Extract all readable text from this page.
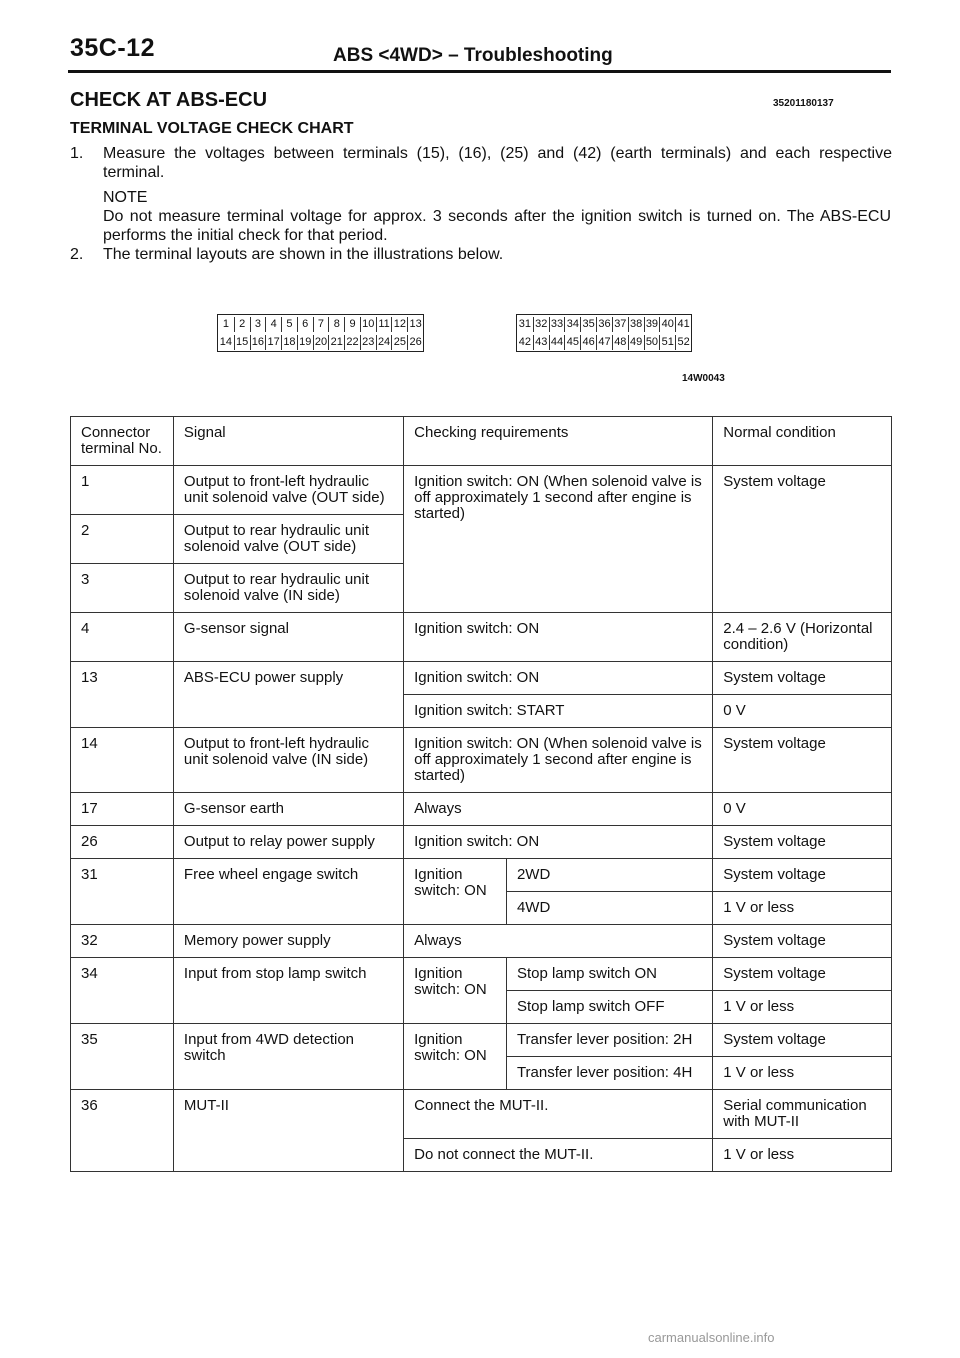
35C-12	ABS <4WD> – Troubleshooting
CHECK AT ABS-ECU	35201180137
TERMINAL VOLTAGE CHECK CHART
1. Measure the voltages between terminals (15), (16), (25) and (42) (earth terminals) and each respective terminal.
NOTE
Do not measure terminal voltage for approx. 3 seconds after the ignition switch is turned on. The ABS-ECU performs the initial check for that period.
2. The terminal layouts are shown in the illustrations below.
1 2 3 4 5 6 7 8 9 10 11 12 13
14 15 16 17 18 19 20 21 22 23 24 25 26
31 32 33 34 35 36 37 38 39 40 41
42 43 44 45 46 47 48 49 50 51 52
14W0043
Connector terminal No.	Signal	Checking requirements		Normal condition
1	Output to front-left hydraulic unit solenoid valve (OUT side)	Ignition switch: ON (When solenoid valve is off approximately 1 second after engine is started)		System voltage
2	Output to rear hydraulic unit solenoid valve (OUT side)			
3	Output to rear hydraulic unit solenoid valve (IN side)			
4	G-sensor signal	Ignition switch: ON		2.4 – 2.6 V (Horizontal condition)
13	ABS-ECU power supply	Ignition switch: ON		System voltage
		Ignition switch: START		0 V
14	Output to front-left hydraulic unit solenoid valve (IN side)	Ignition switch: ON (When solenoid valve is off approximately 1 second after engine is started)		System voltage
17	G-sensor earth	Always		0 V
26	Output to relay power supply	Ignition switch: ON		System voltage
31	Free wheel engage switch	Ignition switch: ON	2WD	System voltage
			4WD	1 V or less
32	Memory power supply	Always		System voltage
34	Input from stop lamp switch	Ignition switch: ON	Stop lamp switch ON	System voltage
			Stop lamp switch OFF	1 V or less
35	Input from 4WD detection switch	Ignition switch: ON	Transfer lever position: 2H	System voltage
			Transfer lever position: 4H	1 V or less
36	MUT-II	Connect the MUT-II.		Serial communication with MUT-II
		Do not connect the MUT-II.		1 V or less
carmanualsonline.info
